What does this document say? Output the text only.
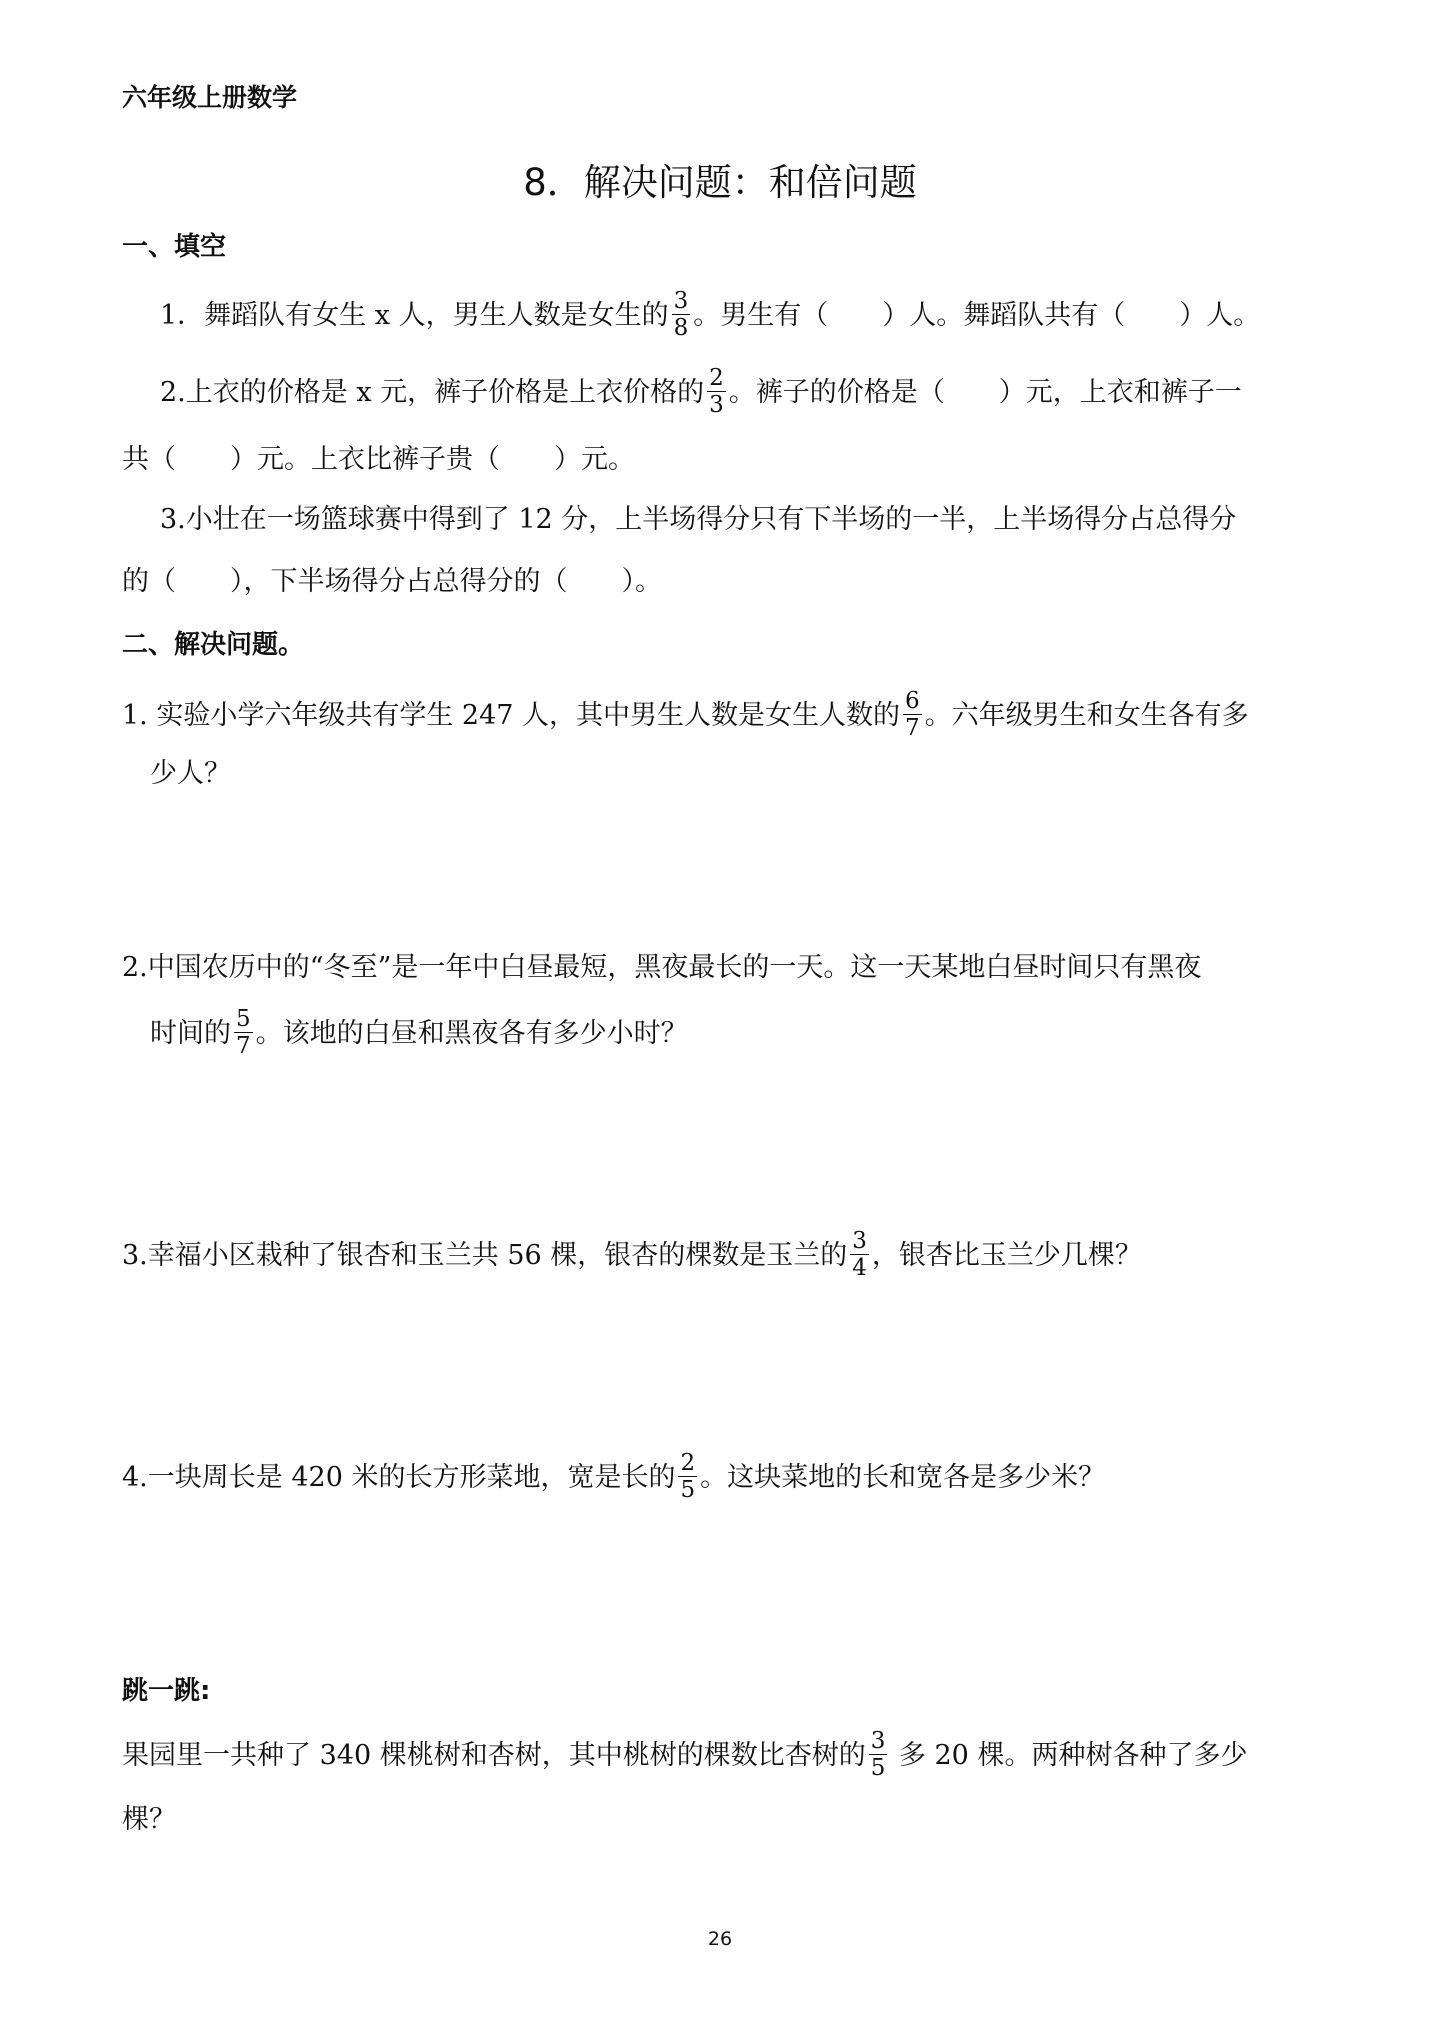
六年级上册数学
8．解决问题：和倍问题
一、填空
1．舞蹈队有女生 x 人，男生人数是女生的 $\frac{3}{8}$ 。男生有（　　）人。舞蹈队共有（　　）人。
2.上衣的价格是 x 元，裤子价格是上衣价格的 $\frac{2}{3}$ 。裤子的价格是（　　）元，上衣和裤子一
共（　　）元。上衣比裤子贵（　　）元。
3.小壮在一场篮球赛中得到了 12 分，上半场得分只有下半场的一半，上半场得分占总得分
的（　　），下半场得分占总得分的（　　）。
二、解决问题。
1. 实验小学六年级共有学生 247 人，其中男生人数是女生人数的 $\frac{6}{7}$ 。六年级男生和女生各有多
少人？
2.中国农历中的“冬至”是一年中白昼最短，黑夜最长的一天。这一天某地白昼时间只有黑夜
时间的 $\frac{5}{7}$ 。该地的白昼和黑夜各有多少小时？
3.幸福小区栽种了银杏和玉兰共 56 棵，银杏的棵数是玉兰的 $\frac{3}{4}$ ，银杏比玉兰少几棵？
4.一块周长是 420 米的长方形菜地，宽是长的 $\frac{2}{5}$ 。这块菜地的长和宽各是多少米？
跳一跳:
果园里一共种了 340 棵桃树和杏树，其中桃树的棵数比杏树的 $\frac{3}{5}$ 多 20 棵。两种树各种了多少
棵？
26
